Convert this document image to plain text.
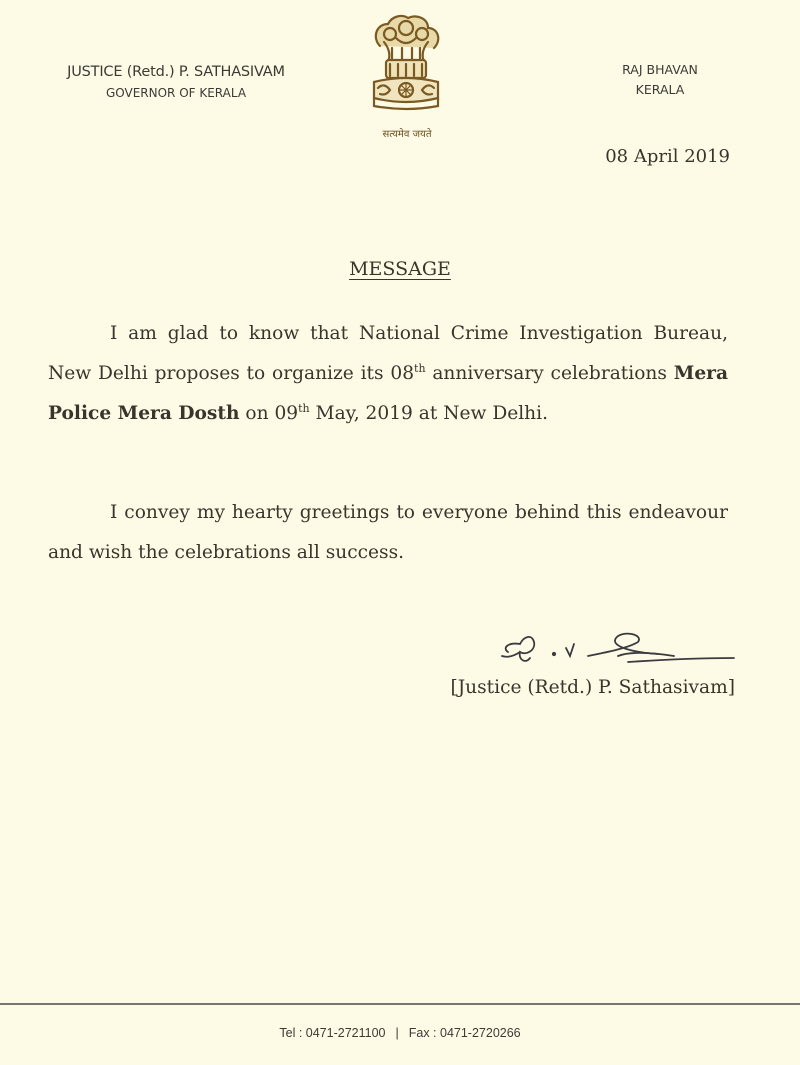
JUSTICE (Retd.) P. SATHASIVAM
GOVERNOR OF KERALA
सत्यमेव जयते
RAJ BHAVAN
KERALA
08 April 2019
MESSAGE
I am glad to know that National Crime Investigation Bureau, New Delhi proposes to organize its 08th anniversary celebrations Mera Police Mera Dosth on 09th May, 2019 at New Delhi.
I convey my hearty greetings to everyone behind this endeavour and wish the celebrations all success.
[Justice (Retd.) P. Sathasivam]
Tel : 0471-2721100 | Fax : 0471-2720266
